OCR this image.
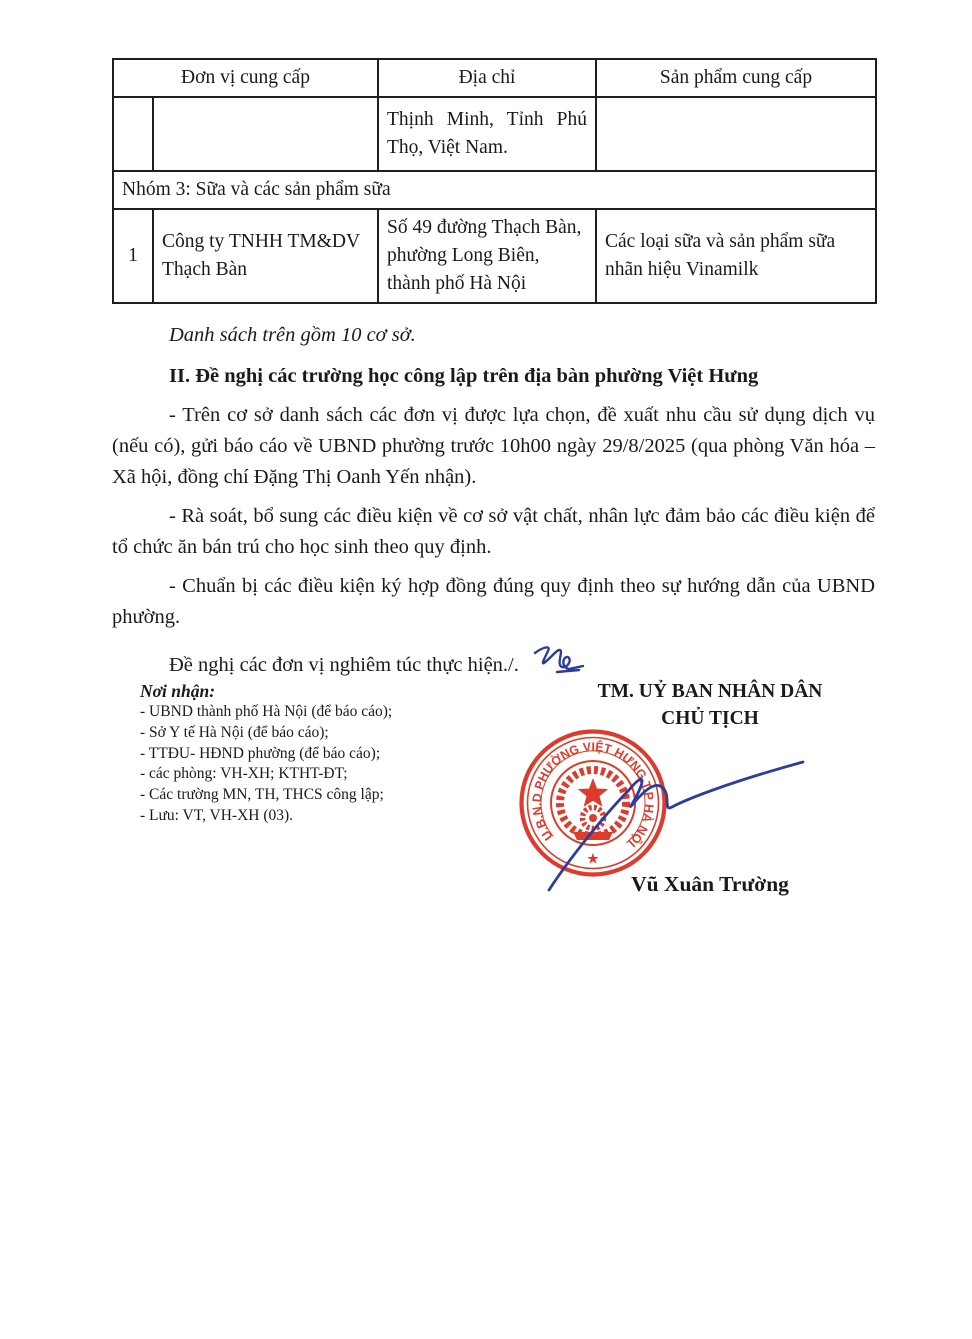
Đơn vị cung cấp		Địa chỉ	Sản phẩm cung cấp
		Thịnh Minh, Tỉnh Phú Thọ, Việt Nam.	
Nhóm 3: Sữa và các sản phẩm sữa			
1	Công ty TNHH TM&DV Thạch Bàn	Số 49 đường Thạch Bàn, phường Long Biên, thành phố Hà Nội	Các loại sữa và sản phẩm sữa nhãn hiệu Vinamilk

Danh sách trên gồm 10 cơ sở.

II. Đề nghị các trường học công lập trên địa bàn phường Việt Hưng

- Trên cơ sở danh sách các đơn vị được lựa chọn, đề xuất nhu cầu sử dụng dịch vụ (nếu có), gửi báo cáo về UBND phường trước 10h00 ngày 29/8/2025 (qua phòng Văn hóa – Xã hội, đồng chí Đặng Thị Oanh Yến nhận).

- Rà soát, bổ sung các điều kiện về cơ sở vật chất, nhân lực đảm bảo các điều kiện để tổ chức ăn bán trú cho học sinh theo quy định.

- Chuẩn bị các điều kiện ký hợp đồng đúng quy định theo sự hướng dẫn của UBND phường.

Đề nghị các đơn vị nghiêm túc thực hiện./.

Nơi nhận:

- UBND thành phố Hà Nội (để báo cáo);

- Sở Y tế Hà Nội (để báo cáo);

- TTĐU- HĐND phường (để báo cáo);

- các phòng: VH-XH; KTHT-ĐT;

- Các trường MN, TH, THCS công lập;

- Lưu: VT, VH-XH (03).

TM. UỶ BAN NHÂN DÂN

CHỦ TỊCH

U.B.N.D PHƯỜNG VIỆT HƯNG T.P HÀ NỘI
★

Vũ Xuân Trường
